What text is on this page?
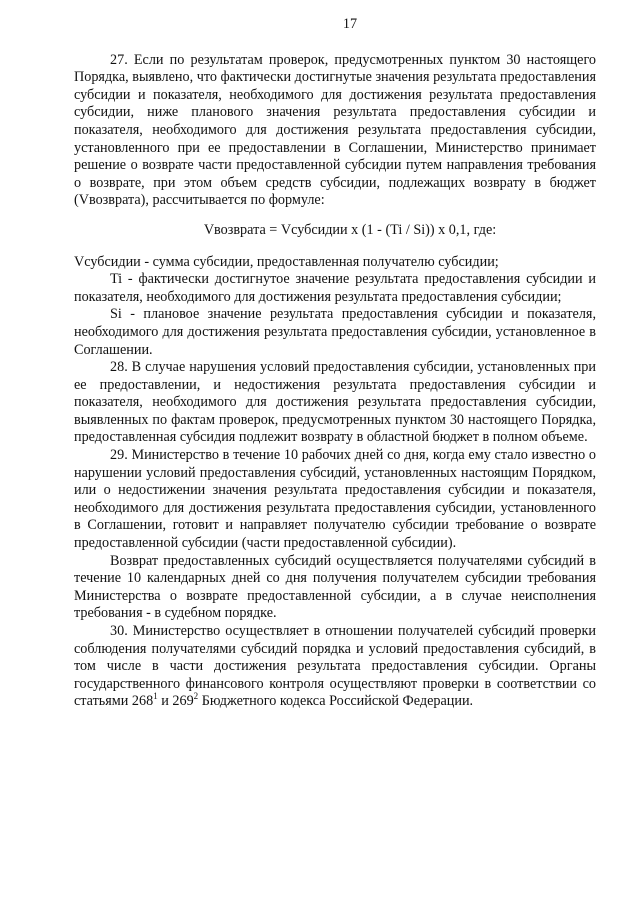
17

27. Если по результатам проверок, предусмотренных пунктом 30 настоящего Порядка, выявлено, что фактически достигнутые значения результата предоставления субсидии и показателя, необходимого для достижения результата предоставления субсидии, ниже планового значения результата предоставления субсидии и показателя, необходимого для достижения результата предоставления субсидии, установленного при ее предоставлении в Соглашении, Министерство принимает решение о возврате части предоставленной субсидии путем направления требования о возврате, при этом объем средств субсидии, подлежащих возврату в бюджет (Vвозврата), рассчитывается по формуле:

Vвозврата = Vсубсидии x (1 - (Ti / Si)) x 0,1, где:

Vсубсидии - сумма субсидии, предоставленная получателю субсидии;

Ti - фактически достигнутое значение результата предоставления субсидии и показателя, необходимого для достижения результата предоставления субсидии;

Si - плановое значение результата предоставления субсидии и показателя, необходимого для достижения результата предоставления субсидии, установленное в Соглашении.

28. В случае нарушения условий предоставления субсидии, установленных при ее предоставлении, и недостижения результата предоставления субсидии и показателя, необходимого для достижения результата предоставления субсидии, выявленных по фактам проверок, предусмотренных пунктом 30 настоящего Порядка, предоставленная субсидия подлежит возврату в областной бюджет в полном объеме.

29. Министерство в течение 10 рабочих дней со дня, когда ему стало известно о нарушении условий предоставления субсидий, установленных настоящим Порядком, или о недостижении значения результата предоставления субсидии и показателя, необходимого для достижения результата предоставления субсидии, установленного в Соглашении, готовит и направляет получателю субсидии требование о возврате предоставленной субсидии (части предоставленной субсидии).

Возврат предоставленных субсидий осуществляется получателями субсидий в течение 10 календарных дней со дня получения получателем субсидии требования Министерства о возврате предоставленной субсидии, а в случае неисполнения требования - в судебном порядке.

30. Министерство осуществляет в отношении получателей субсидий проверки соблюдения получателями субсидий порядка и условий предоставления субсидий, в том числе в части достижения результата предоставления субсидии. Органы государственного финансового контроля осуществляют проверки в соответствии со статьями $268^1$ и $269^2$ Бюджетного кодекса Российской Федерации.
